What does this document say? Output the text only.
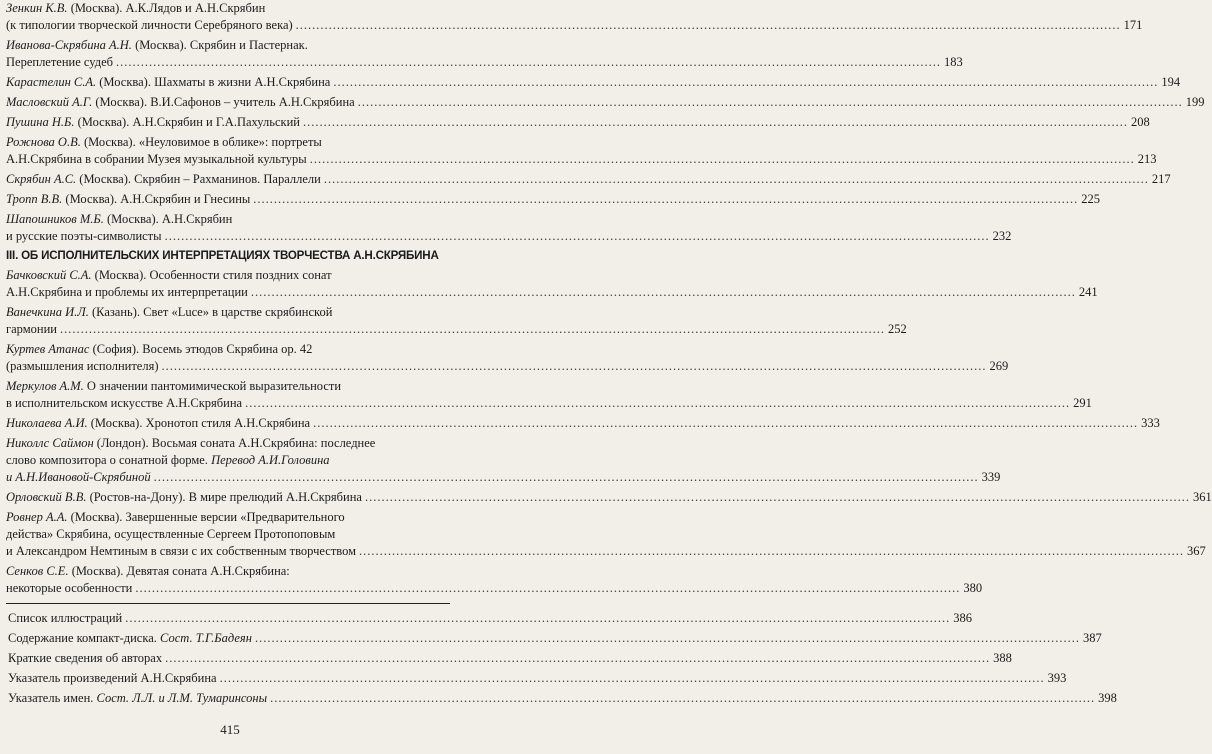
Зенкин К.В. (Москва). А.К.Лядов и А.Н.Скрябин
(к типологии творческой личности Серебряного века) .....	171
Иванова-Скрябина А.Н. (Москва). Скрябин и Пастернак.
Переплетение судеб .....	183
Карастелин С.А. (Москва). Шахматы в жизни А.Н.Скрябина .....	194
Масловский А.Г. (Москва). В.И.Сафонов – учитель А.Н.Скрябина .....	199
Пушина Н.Б. (Москва). А.Н.Скрябин и Г.А.Пахульский .....	208
Рожнова О.В. (Москва). «Неуловимое в облике»: портреты
А.Н.Скрябина в собрании Музея музыкальной культуры .....	213
Скрябин А.С. (Москва). Скрябин – Рахманинов. Параллели .....	217
Тропп В.В. (Москва). А.Н.Скрябин и Гнесины .....	225
Шапошников М.Б. (Москва). А.Н.Скрябин
и русские поэты-символисты .....	232
III. ОБ ИСПОЛНИТЕЛЬСКИХ ИНТЕРПРЕТАЦИЯХ ТВОРЧЕСТВА А.Н.СКРЯБИНА
Бачковский С.А. (Москва). Особенности стиля поздних сонат
А.Н.Скрябина и проблемы их интерпретации .....	241
Ванечкина И.Л. (Казань). Свет «Luce» в царстве скрябинской
гармонии .....	252
Куртев Атанас (София). Восемь этюдов Скрябина ор. 42
(размышления исполнителя) .....	269
Меркулов А.М. О значении пантомимической выразительности
в исполнительском искусстве А.Н.Скрябина .....	291
Николаева А.И. (Москва). Хронотоп стиля А.Н.Скрябина .....	333
Николлс Саймон (Лондон). Восьмая соната А.Н.Скрябина: последнее
слово композитора о сонатной форме. Перевод А.И.Головина
и А.Н.Ивановой-Скрябиной .....	339
Орловский В.В. (Ростов-на-Дону). В мире прелюдий А.Н.Скрябина .....	361
Ровнер А.А. (Москва). Завершенные версии «Предварительного
действа» Скрябина, осуществленные Сергеем Протопоповым
и Александром Немтиным в связи с их собственным творчеством .....	367
Сенков С.Е. (Москва). Девятая соната А.Н.Скрябина:
некоторые особенности .....	380
Список иллюстраций .....	386
Содержание компакт-диска. Сост. Т.Г.Бадеян .....	387
Краткие сведения об авторах .....	388
Указатель произведений А.Н.Скрябина .....	393
Указатель имен. Сост. Л.Л. и Л.М. Тумаринсоны .....	398
415
